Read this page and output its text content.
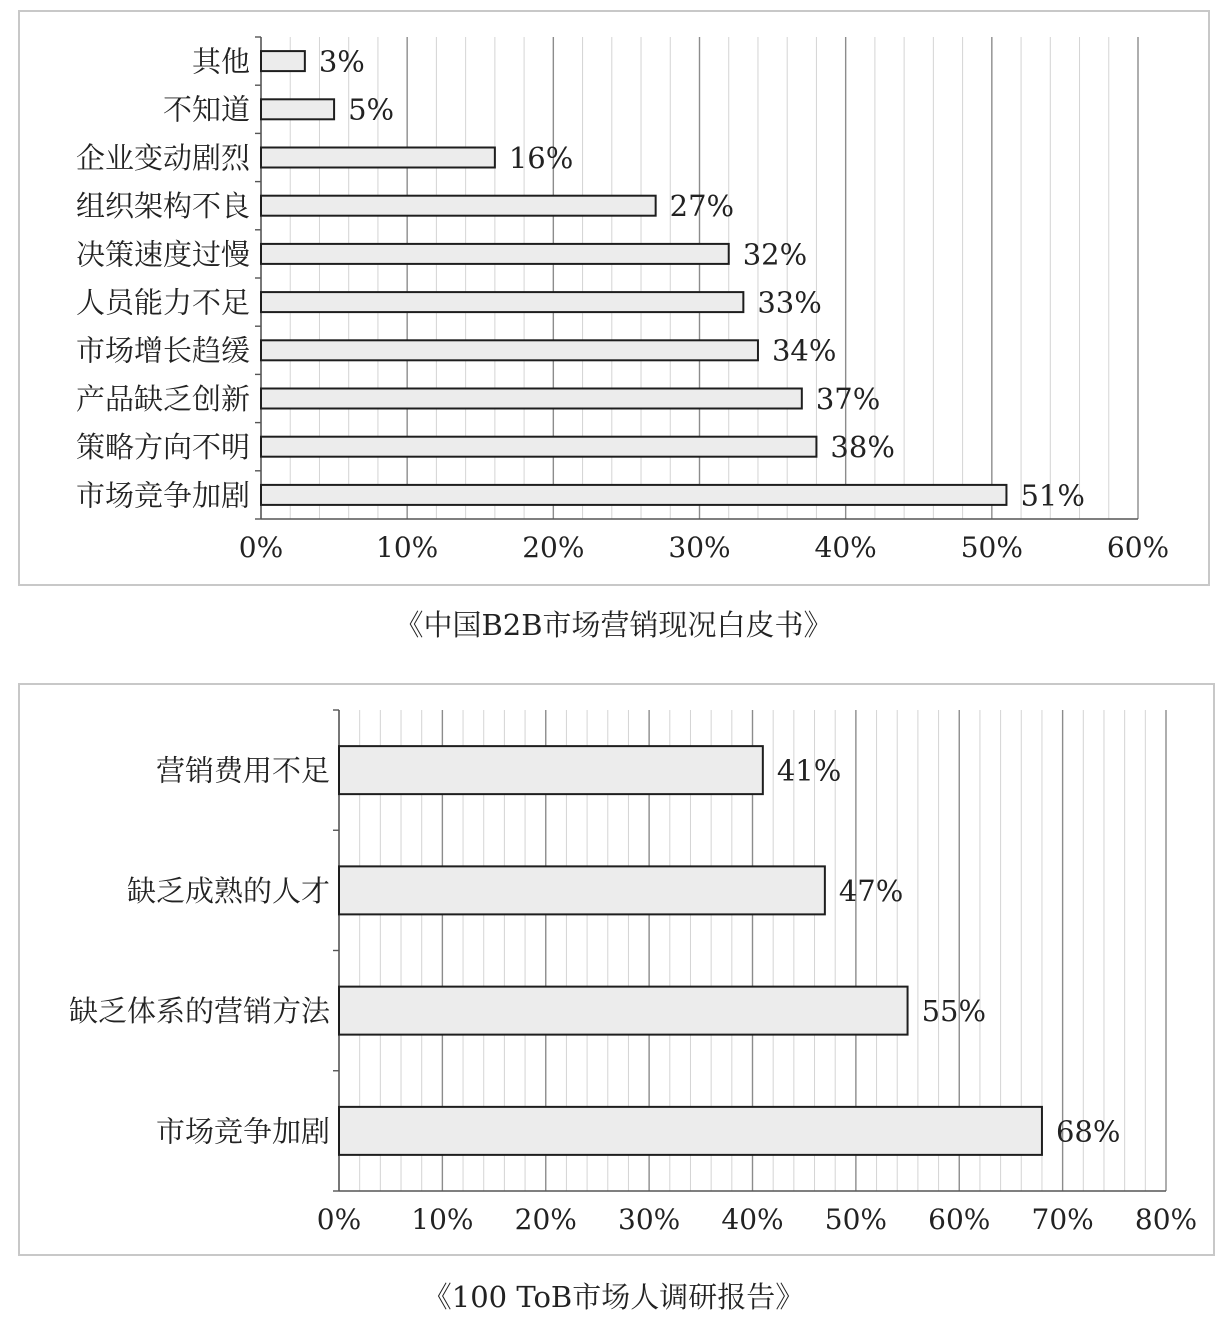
《中国B2B市场营销现况白皮书》
《100 ToB市场人调研报告》
其他 3%
不知道	5%
企业变动剧烈	16%
组织架构不良	27%
决策速度过慢	32%
人员能力不足	33%
市场增长趋缓	34%
产品缺乏创新	37%
策略方向不明	38%
市场竞争加剧	51%
0%	10%	20%	30%	40%	50%	60%
营销费用不足	41%
缺乏成熟的人才	47%
缺乏体系的营销方法	55%
市场竞争加剧	68%
0% 10% 20% 30% 40% 50% 60% 70% 80%
